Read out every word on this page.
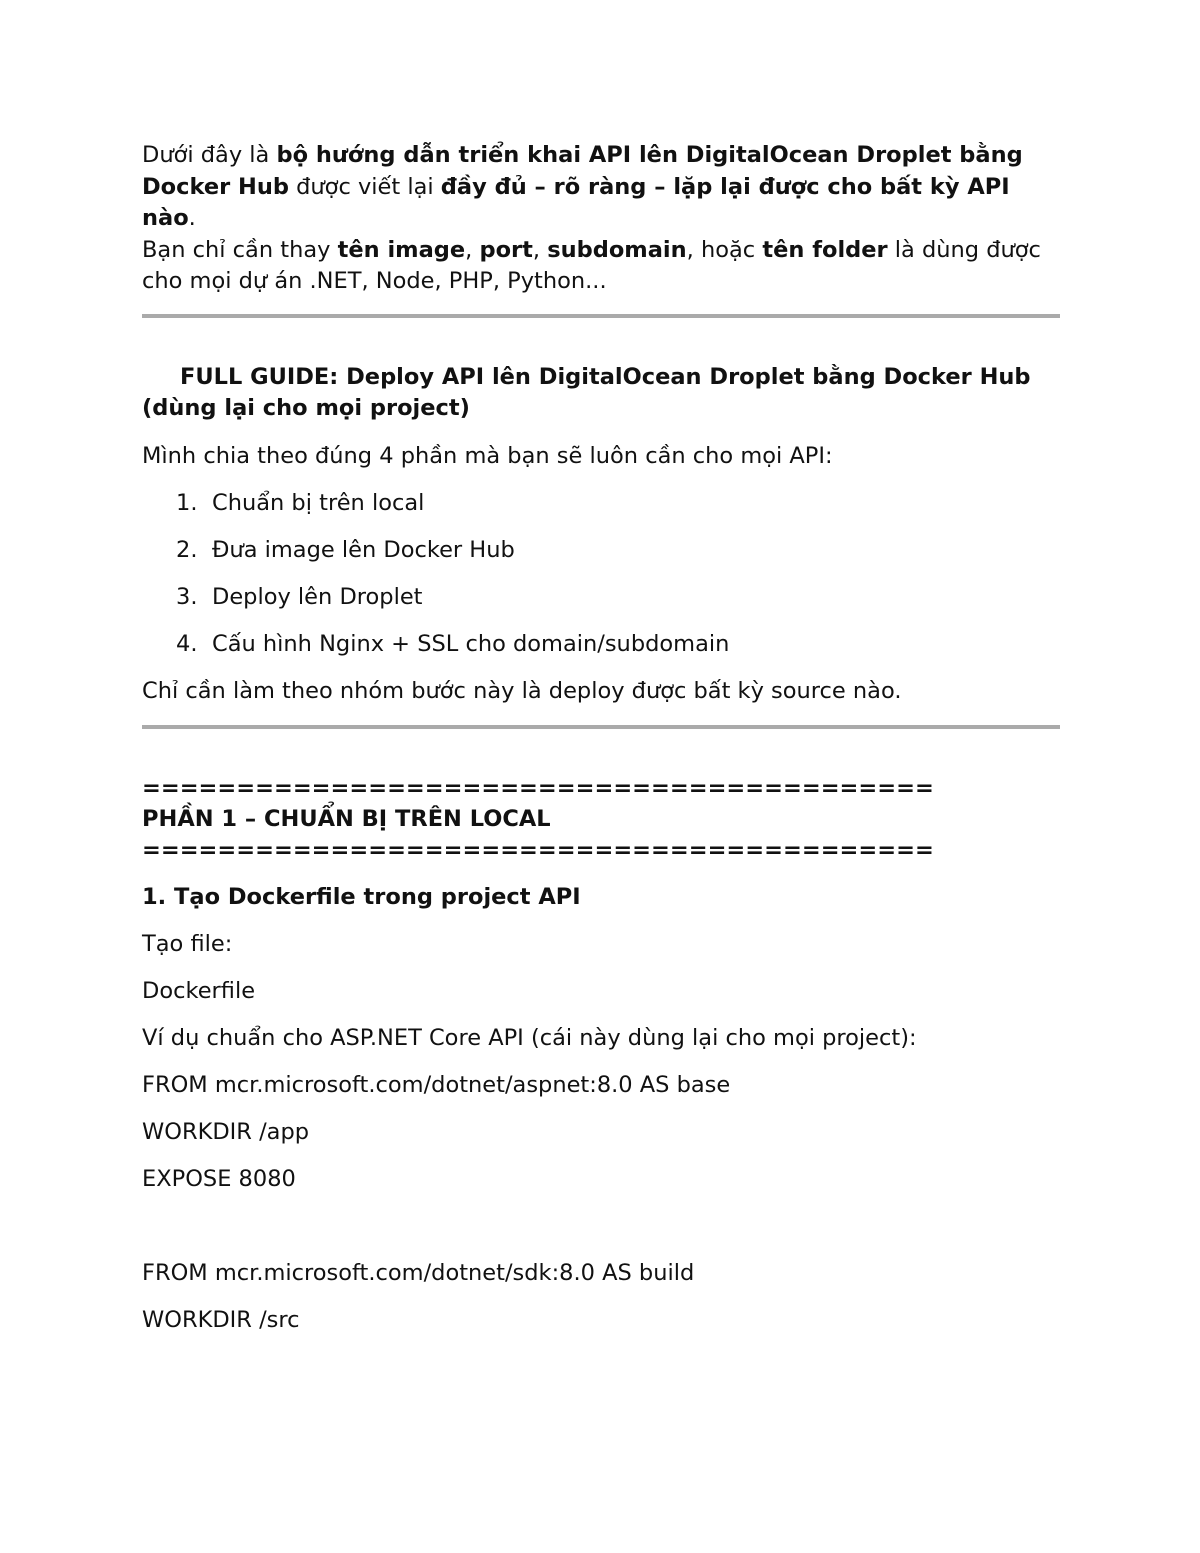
Dưới đây là bộ hướng dẫn triển khai API lên DigitalOcean Droplet bằng Docker Hub được viết lại đầy đủ – rõ ràng – lặp lại được cho bất kỳ API nào.

Bạn chỉ cần thay tên image, port, subdomain, hoặc tên folder là dùng được cho mọi dự án .NET, Node, PHP, Python...

FULL GUIDE: Deploy API lên DigitalOcean Droplet bằng Docker Hub (dùng lại cho mọi project)

Mình chia theo đúng 4 phần mà bạn sẽ luôn cần cho mọi API:

1. Chuẩn bị trên local
2. Đưa image lên Docker Hub
3. Deploy lên Droplet
4. Cấu hình Nginx + SSL cho domain/subdomain

Chỉ cần làm theo nhóm bước này là deploy được bất kỳ source nào.

==========================================

PHẦN 1 – CHUẨN BỊ TRÊN LOCAL

==========================================

1. Tạo Dockerfile trong project API

Tạo file:

Dockerfile

Ví dụ chuẩn cho ASP.NET Core API (cái này dùng lại cho mọi project):

FROM mcr.microsoft.com/dotnet/aspnet:8.0 AS base

WORKDIR /app

EXPOSE 8080

FROM mcr.microsoft.com/dotnet/sdk:8.0 AS build

WORKDIR /src
